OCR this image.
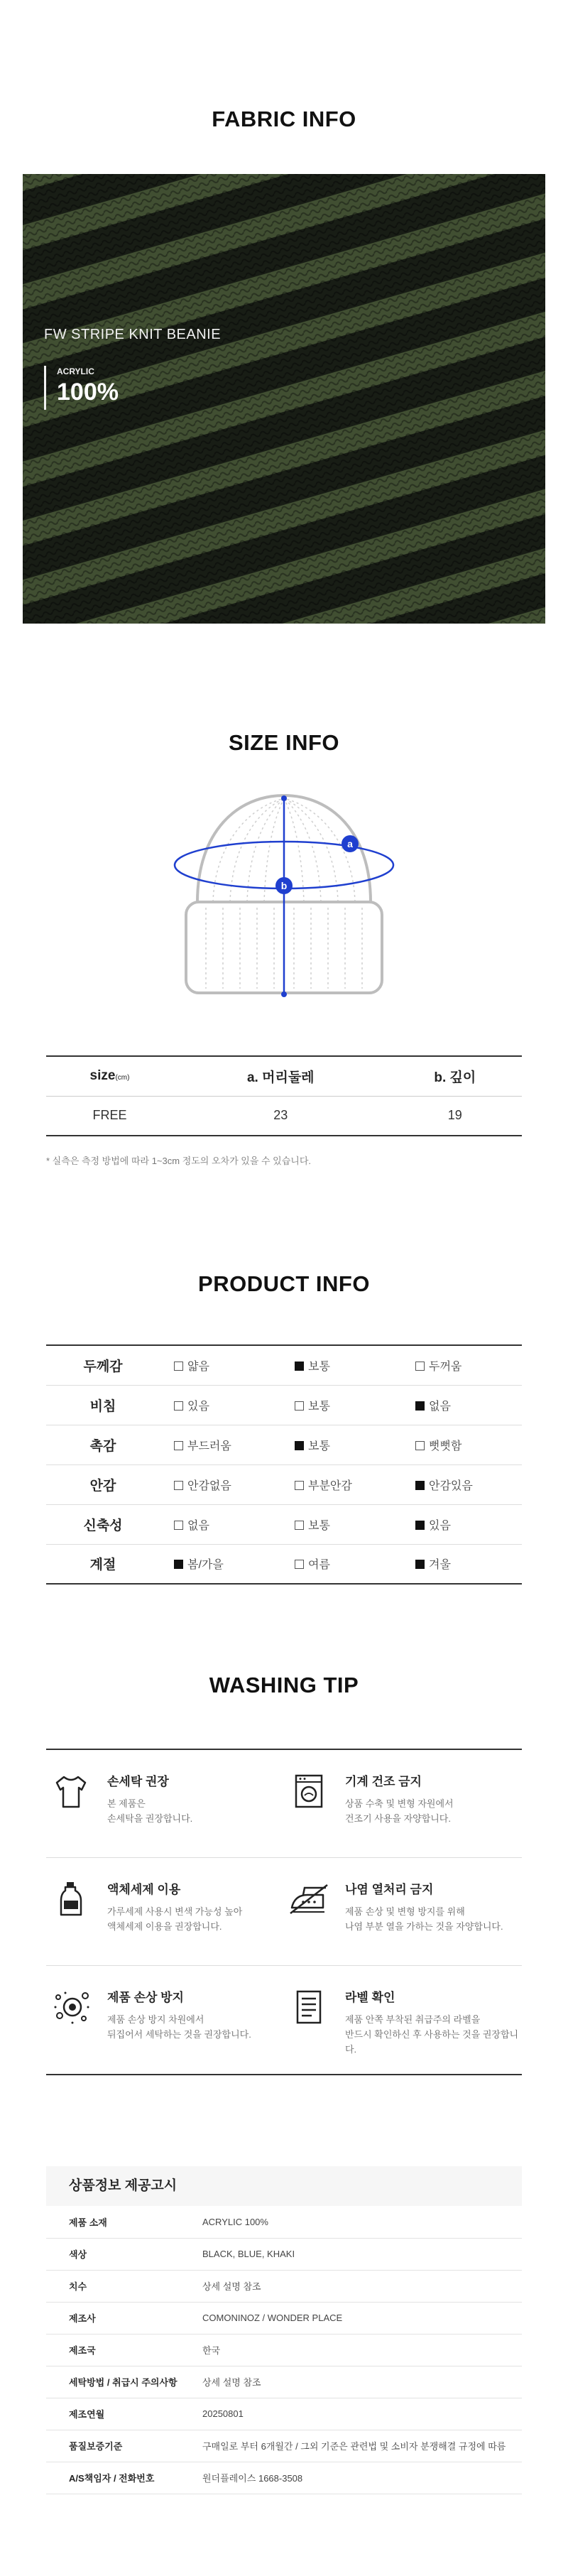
FABRIC INFO
FW STRIPE KNIT BEANIE
ACRYLIC
100%
SIZE INFO
a
b
size(cm)	a. 머리둘레	b. 깊이
FREE	23	19
* 실측은 측정 방법에 따라 1~3cm 정도의 오차가 있을 수 있습니다.
PRODUCT INFO
두께감	얇음	보통	두꺼움
비침	있음	보통	없음
촉감	부드러움	보통	뻣뻣함
안감	안감없음	부분안감	안감있음
신축성	없음	보통	있음
계절	봄/가을	여름	겨울
WASHING TIP
손세탁 권장
본 제품은
손세탁을 권장합니다.
기계 건조 금지
상품 수축 및 변형 자원에서
건조기 사용을 자양합니다.
액체세제 이용
가루세제 사용시 변색 가능성 높아
액체세제 이용을 권장합니다.
나염 열처리 금지
제품 손상 및 변형 방지를 위해
나염 부분 열을 가하는 것을 자양합니다.
제품 손상 방지
제품 손상 방지 차원에서
뒤집어서 세탁하는 것을 권장합니다.
라벨 확인
제품 안쪽 부착된 취급주의 라벨을
반드시 확인하신 후 사용하는 것을 권장합니다.
상품정보 제공고시
제품 소재	ACRYLIC 100%
색상	BLACK, BLUE, KHAKI
치수	상세 설명 참조
제조사	COMONINOZ / WONDER PLACE
제조국	한국
세탁방법 / 취급시 주의사항	상세 설명 참조
제조연월	20250801
품질보증기준	구매일로 부터 6개월간 / 그외 기준은 관련법 및 소비자 분쟁해결 규정에 따름
A/S책임자 / 전화번호	원더플레이스 1668-3508
